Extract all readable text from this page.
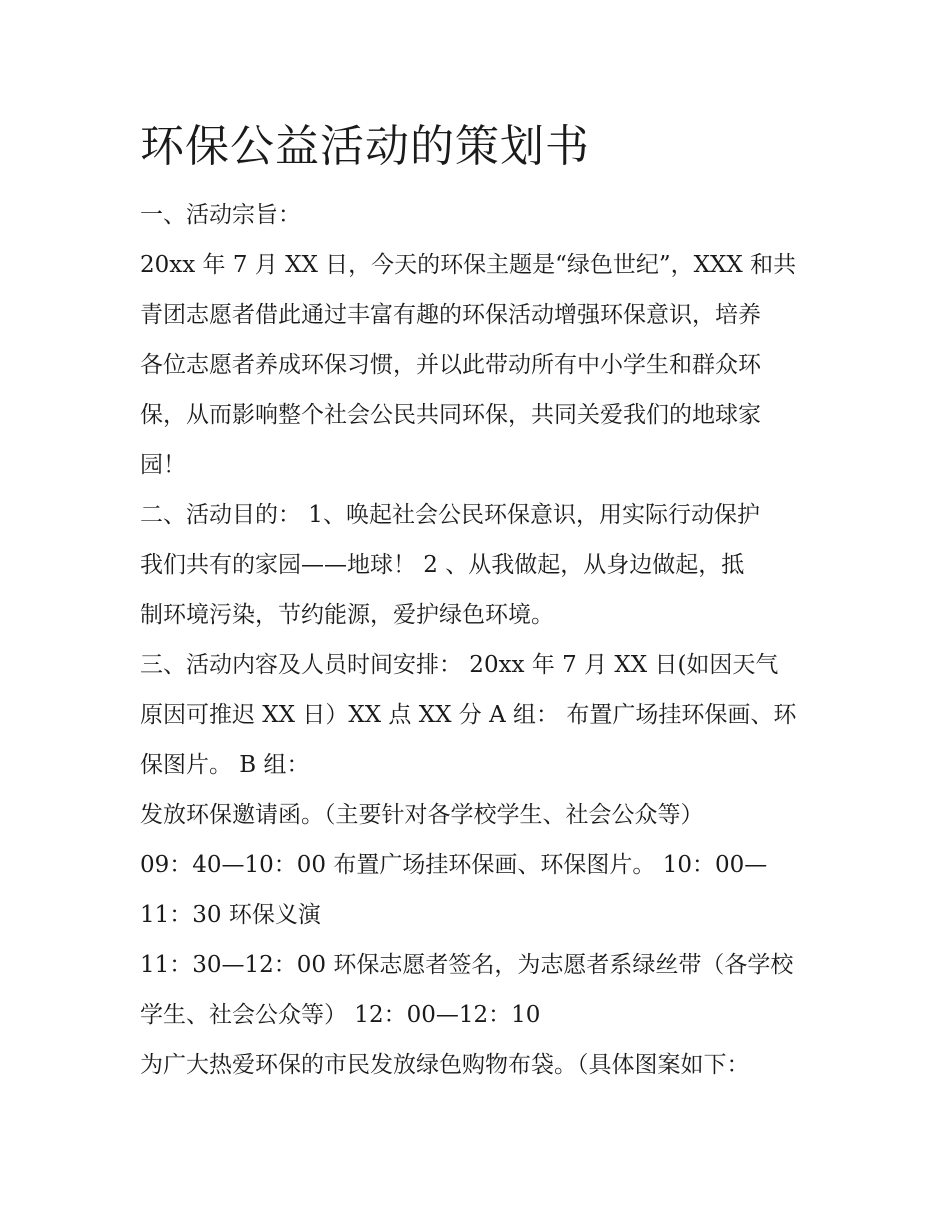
环保公益活动的策划书

一、活动宗旨：

20xx 年 7 月 XX 日，今天的环保主题是“绿色世纪”，XXX 和共

青团志愿者借此通过丰富有趣的环保活动增强环保意识，培养

各位志愿者养成环保习惯，并以此带动所有中小学生和群众环

保，从而影响整个社会公民共同环保，共同关爱我们的地球家

园！

二、活动目的： 1、唤起社会公民环保意识，用实际行动保护

我们共有的家园——地球！ 2 、从我做起，从身边做起，抵

制环境污染，节约能源，爱护绿色环境。

三、活动内容及人员时间安排： 20xx 年 7 月 XX 日(如因天气

原因可推迟 XX 日）XX 点 XX 分 A 组： 布置广场挂环保画、环

保图片。 B 组：

发放环保邀请函。（主要针对各学校学生、社会公众等）

09：40—10：00 布置广场挂环保画、环保图片。 10：00—

11：30 环保义演

11：30—12：00 环保志愿者签名，为志愿者系绿丝带（各学校

学生、社会公众等） 12：00—12：10

为广大热爱环保的市民发放绿色购物布袋。（具体图案如下：
